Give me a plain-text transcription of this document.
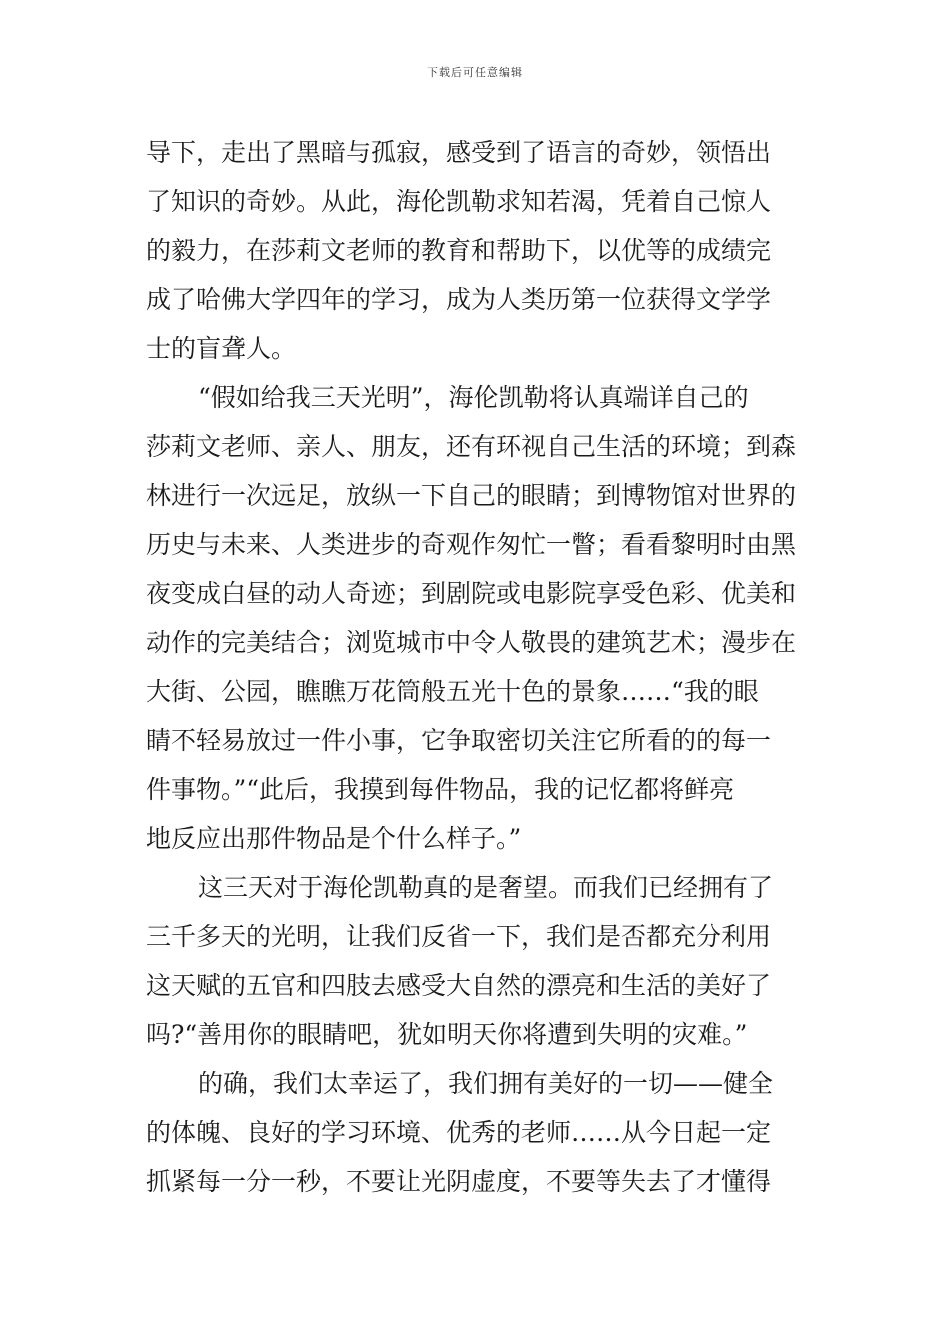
下载后可任意编辑
导下，走出了黑暗与孤寂，感受到了语言的奇妙，领悟出
了知识的奇妙。从此，海伦凯勒求知若渴，凭着自己惊人
的毅力，在莎莉文老师的教育和帮助下，以优等的成绩完
成了哈佛大学四年的学习，成为人类历第一位获得文学学
士的盲聋人。
“假如给我三天光明”，海伦凯勒将认真端详自己的
莎莉文老师、亲人、朋友，还有环视自己生活的环境；到森
林进行一次远足，放纵一下自己的眼睛；到博物馆对世界的
历史与未来、人类进步的奇观作匆忙一瞥；看看黎明时由黑
夜变成白昼的动人奇迹；到剧院或电影院享受色彩、优美和
动作的完美结合；浏览城市中令人敬畏的建筑艺术；漫步在
大街、公园，瞧瞧万花筒般五光十色的景象……“我的眼
睛不轻易放过一件小事，它争取密切关注它所看的的每一
件事物。”“此后，我摸到每件物品，我的记忆都将鲜亮
地反应出那件物品是个什么样子。”
这三天对于海伦凯勒真的是奢望。而我们已经拥有了
三千多天的光明，让我们反省一下，我们是否都充分利用
这天赋的五官和四肢去感受大自然的漂亮和生活的美好了
吗?“善用你的眼睛吧，犹如明天你将遭到失明的灾难。”
的确，我们太幸运了，我们拥有美好的一切——健全
的体魄、良好的学习环境、优秀的老师……从今日起一定
抓紧每一分一秒，不要让光阴虚度，不要等失去了才懂得
